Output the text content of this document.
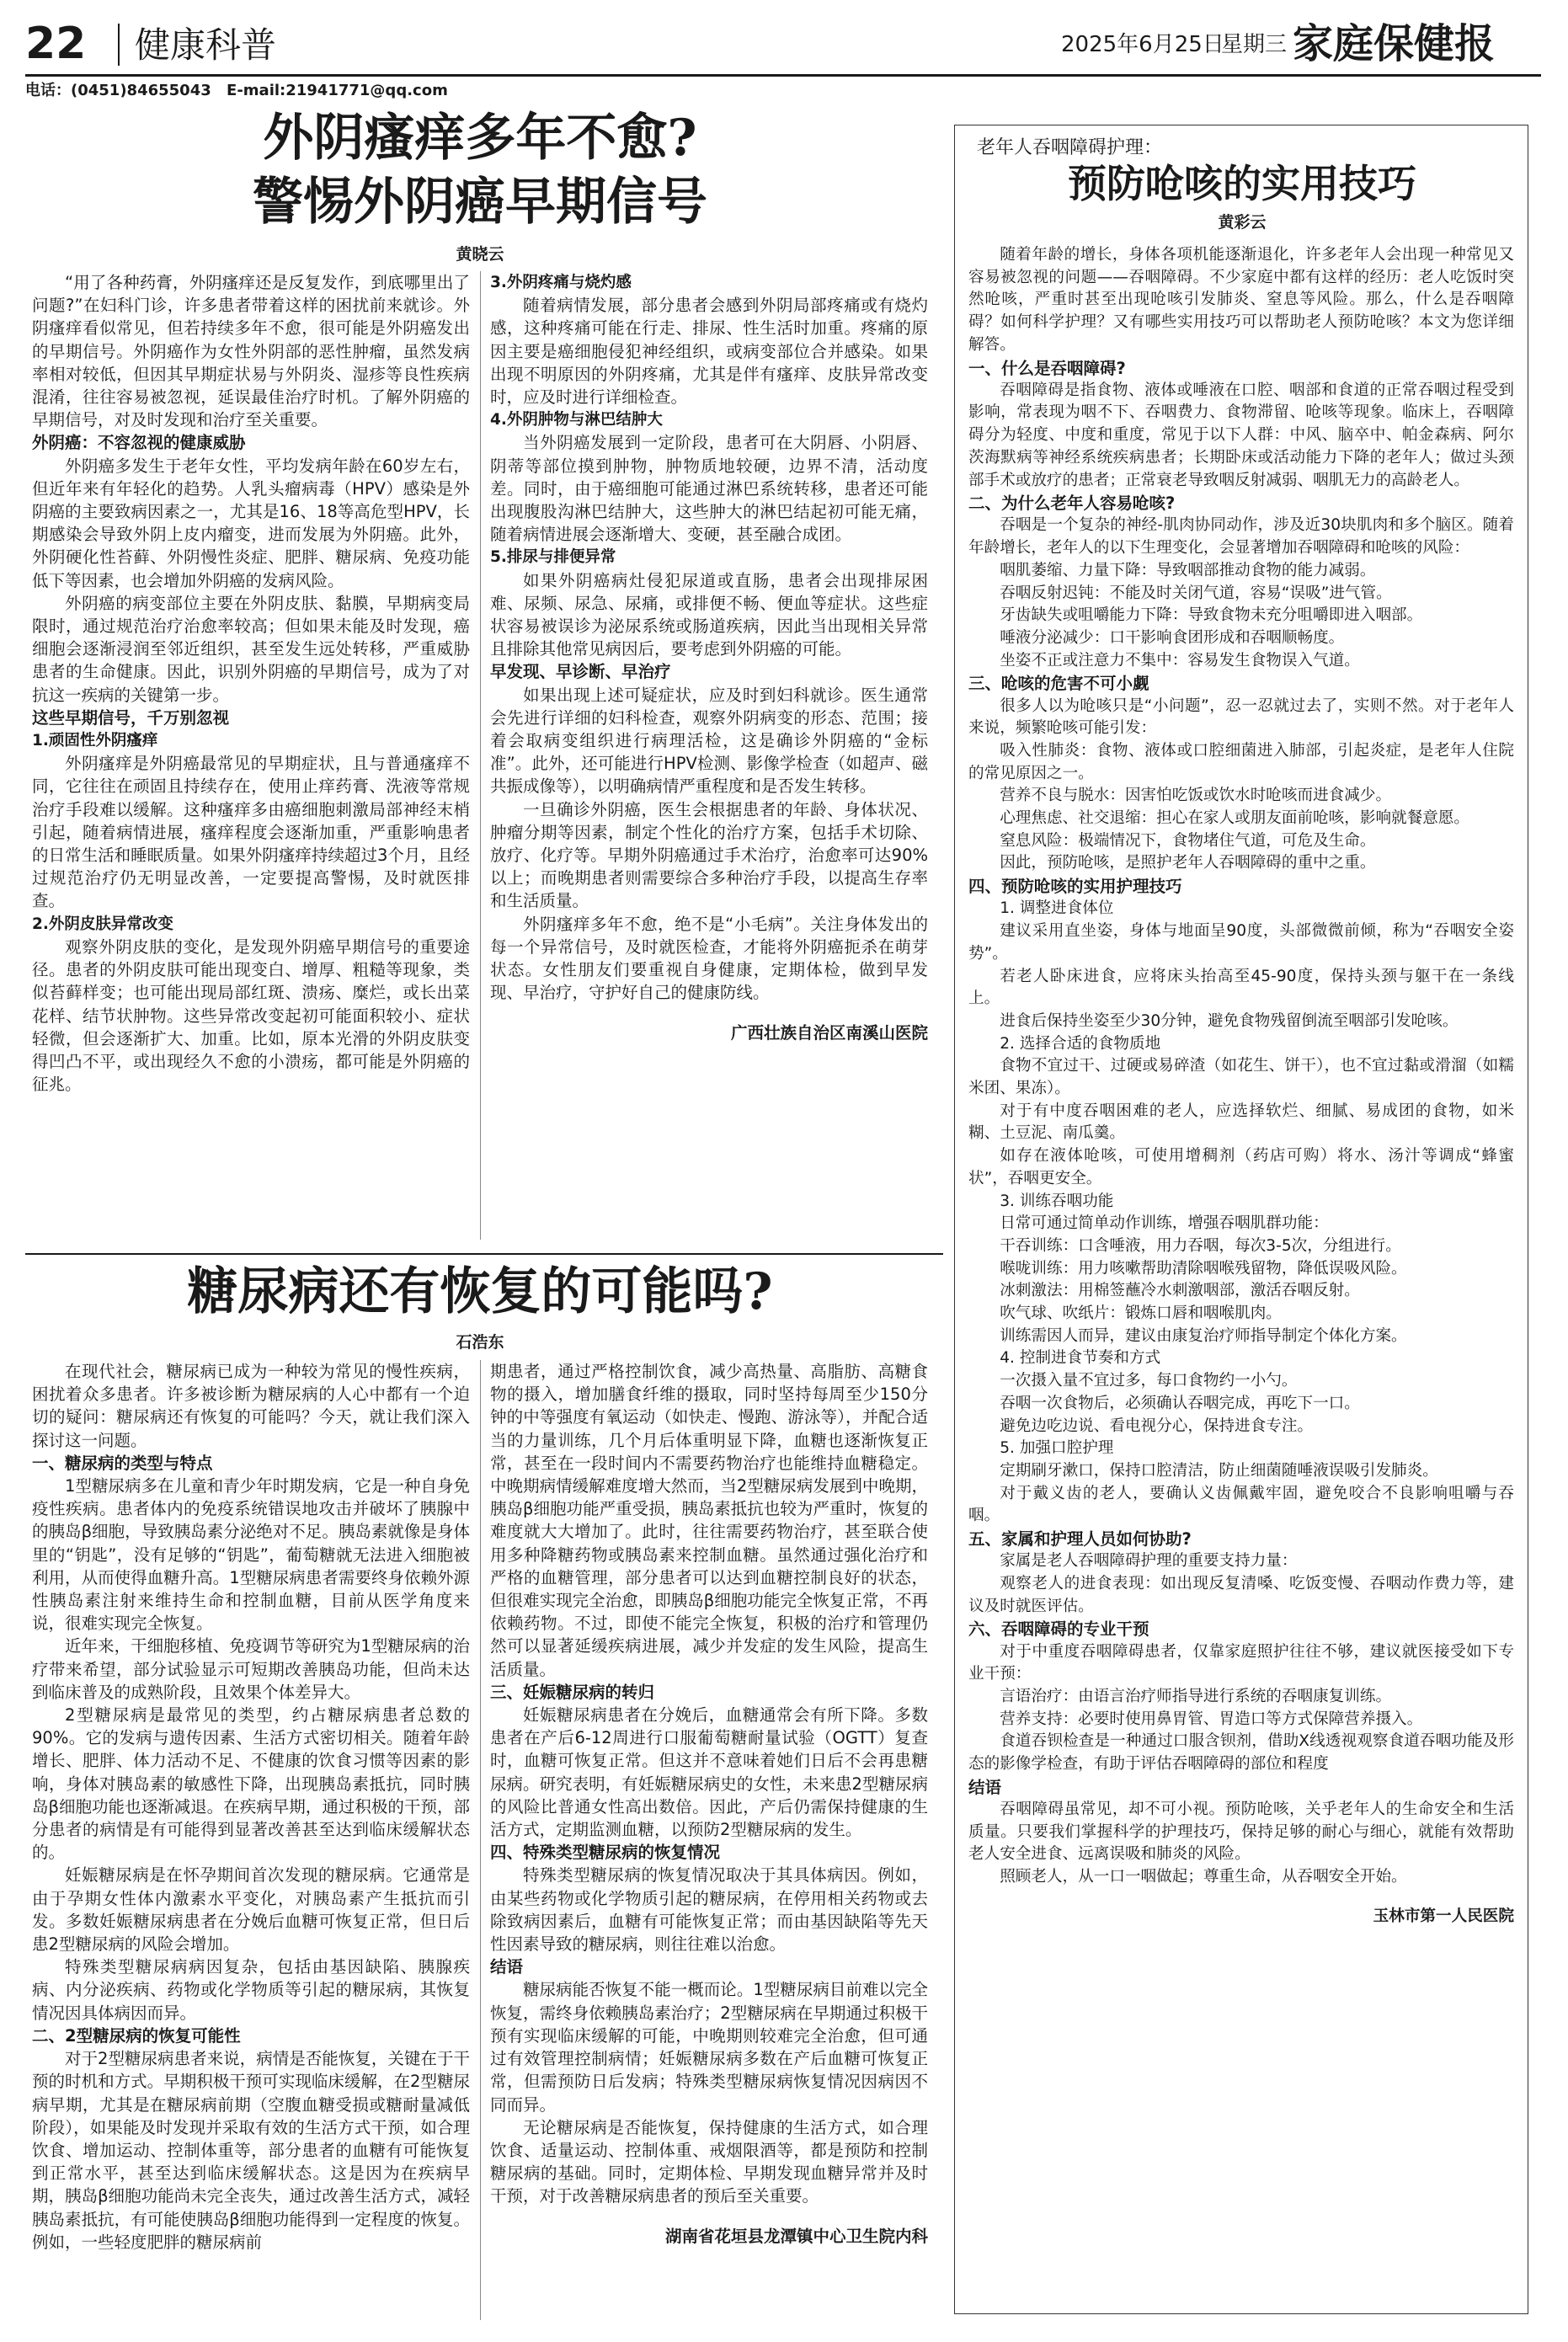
22 健康科普	2025年6月25日
星期三 家庭保健报
电话：(0451)84655043 E-mail:21941771@qq.com
外阴瘙痒多年不愈?
警惕外阴癌早期信号
黄晓云

“用了各种药膏，外阴瘙痒还是反复发作，到底哪里出了问题?”在妇科门诊，许多患者带着这样的困扰前来就诊。外阴瘙痒看似常见，但若持续多年不愈，很可能是外阴癌发出的早期信号。外阴癌作为女性外阴部的恶性肿瘤，虽然发病率相对较低，但因其早期症状易与外阴炎、湿疹等良性疾病混淆，往往容易被忽视，延误最佳治疗时机。了解外阴癌的早期信号，对及时发现和治疗至关重要。

外阴癌：不容忽视的健康威胁

外阴癌多发生于老年女性，平均发病年龄在60岁左右，但近年来有年轻化的趋势。人乳头瘤病毒（HPV）感染是外阴癌的主要致病因素之一，尤其是16、18等高危型HPV，长期感染会导致外阴上皮内瘤变，进而发展为外阴癌。此外，外阴硬化性苔藓、外阴慢性炎症、肥胖、糖尿病、免疫功能低下等因素，也会增加外阴癌的发病风险。

外阴癌的病变部位主要在外阴皮肤、黏膜，早期病变局限时，通过规范治疗治愈率较高；但如果未能及时发现，癌细胞会逐渐浸润至邻近组织，甚至发生远处转移，严重威胁患者的生命健康。因此，识别外阴癌的早期信号，成为了对抗这一疾病的关键第一步。

这些早期信号，千万别忽视
1.顽固性外阴瘙痒

外阴瘙痒是外阴癌最常见的早期症状，且与普通瘙痒不同，它往往在顽固且持续存在，使用止痒药膏、洗液等常规治疗手段难以缓解。这种瘙痒多由癌细胞刺激局部神经末梢引起，随着病情进展，瘙痒程度会逐渐加重，严重影响患者的日常生活和睡眠质量。如果外阴瘙痒持续超过3个月，且经过规范治疗仍无明显改善，一定要提高警惕，及时就医排查。

2.外阴皮肤异常改变

观察外阴皮肤的变化，是发现外阴癌早期信号的重要途径。患者的外阴皮肤可能出现变白、增厚、粗糙等现象，类似苔藓样变；也可能出现局部红斑、溃疡、糜烂，或长出菜花样、结节状肿物。这些异常改变起初可能面积较小、症状轻微，但会逐渐扩大、加重。比如，原本光滑的外阴皮肤变得凹凸不平，或出现经久不愈的小溃疡，都可能是外阴癌的征兆。

3.外阴疼痛与烧灼感

随着病情发展，部分患者会感到外阴局部疼痛或有烧灼感，这种疼痛可能在行走、排尿、性生活时加重。疼痛的原因主要是癌细胞侵犯神经组织，或病变部位合并感染。如果出现不明原因的外阴疼痛，尤其是伴有瘙痒、皮肤异常改变时，应及时进行详细检查。

4.外阴肿物与淋巴结肿大

当外阴癌发展到一定阶段，患者可在大阴唇、小阴唇、阴蒂等部位摸到肿物，肿物质地较硬，边界不清，活动度差。同时，由于癌细胞可能通过淋巴系统转移，患者还可能出现腹股沟淋巴结肿大，这些肿大的淋巴结起初可能无痛，随着病情进展会逐渐增大、变硬，甚至融合成团。

5.排尿与排便异常

如果外阴癌病灶侵犯尿道或直肠，患者会出现排尿困难、尿频、尿急、尿痛，或排便不畅、便血等症状。这些症状容易被误诊为泌尿系统或肠道疾病，因此当出现相关异常且排除其他常见病因后，要考虑到外阴癌的可能。

早发现、早诊断、早治疗

如果出现上述可疑症状，应及时到妇科就诊。医生通常会先进行详细的妇科检查，观察外阴病变的形态、范围；接着会取病变组织进行病理活检，这是确诊外阴癌的“金标准”。此外，还可能进行HPV检测、影像学检查（如超声、磁共振成像等），以明确病情严重程度和是否发生转移。

一旦确诊外阴癌，医生会根据患者的年龄、身体状况、肿瘤分期等因素，制定个性化的治疗方案，包括手术切除、放疗、化疗等。早期外阴癌通过手术治疗，治愈率可达90%以上；而晚期患者则需要综合多种治疗手段，以提高生存率和生活质量。

外阴瘙痒多年不愈，绝不是“小毛病”。关注身体发出的每一个异常信号，及时就医检查，才能将外阴癌扼杀在萌芽状态。女性朋友们要重视自身健康，定期体检，做到早发现、早治疗，守护好自己的健康防线。

广西壮族自治区南溪山医院

糖尿病还有恢复的可能吗?
石浩东

在现代社会，糖尿病已成为一种较为常见的慢性疾病，困扰着众多患者。许多被诊断为糖尿病的人心中都有一个迫切的疑问：糖尿病还有恢复的可能吗？今天，就让我们深入探讨这一问题。

一、糖尿病的类型与特点

1型糖尿病多在儿童和青少年时期发病，它是一种自身免疫性疾病。患者体内的免疫系统错误地攻击并破坏了胰腺中的胰岛β细胞，导致胰岛素分泌绝对不足。胰岛素就像是身体里的“钥匙”，没有足够的“钥匙”，葡萄糖就无法进入细胞被利用，从而使得血糖升高。1型糖尿病患者需要终身依赖外源性胰岛素注射来维持生命和控制血糖，目前从医学角度来说，很难实现完全恢复。

近年来，干细胞移植、免疫调节等研究为1型糖尿病的治疗带来希望，部分试验显示可短期改善胰岛功能，但尚未达到临床普及的成熟阶段，且效果个体差异大。

2型糖尿病是最常见的类型，约占糖尿病患者总数的90%。它的发病与遗传因素、生活方式密切相关。随着年龄增长、肥胖、体力活动不足、不健康的饮食习惯等因素的影响，身体对胰岛素的敏感性下降，出现胰岛素抵抗，同时胰岛β细胞功能也逐渐减退。在疾病早期，通过积极的干预，部分患者的病情是有可能得到显著改善甚至达到临床缓解状态的。

妊娠糖尿病是在怀孕期间首次发现的糖尿病。它通常是由于孕期女性体内激素水平变化，对胰岛素产生抵抗而引发。多数妊娠糖尿病患者在分娩后血糖可恢复正常，但日后患2型糖尿病的风险会增加。

特殊类型糖尿病病因复杂，包括由基因缺陷、胰腺疾病、内分泌疾病、药物或化学物质等引起的糖尿病，其恢复情况因具体病因而异。

二、2型糖尿病的恢复可能性

对于2型糖尿病患者来说，病情是否能恢复，关键在于干预的时机和方式。早期积极干预可实现临床缓解，在2型糖尿病早期，尤其是在糖尿病前期（空腹血糖受损或糖耐量减低阶段），如果能及时发现并采取有效的生活方式干预，如合理饮食、增加运动、控制体重等，部分患者的血糖有可能恢复到正常水平，甚至达到临床缓解状态。这是因为在疾病早期，胰岛β细胞功能尚未完全丧失，通过改善生活方式，减轻胰岛素抵抗，有可能使胰岛β细胞功能得到一定程度的恢复。例如，一些轻度肥胖的糖尿病前

期患者，通过严格控制饮食，减少高热量、高脂肪、高糖食物的摄入，增加膳食纤维的摄取，同时坚持每周至少150分钟的中等强度有氧运动（如快走、慢跑、游泳等），并配合适当的力量训练，几个月后体重明显下降，血糖也逐渐恢复正常，甚至在一段时间内不需要药物治疗也能维持血糖稳定。中晚期病情缓解难度增大然而，当2型糖尿病发展到中晚期，胰岛β细胞功能严重受损，胰岛素抵抗也较为严重时，恢复的难度就大大增加了。此时，往往需要药物治疗，甚至联合使用多种降糖药物或胰岛素来控制血糖。虽然通过强化治疗和严格的血糖管理，部分患者可以达到血糖控制良好的状态，但很难实现完全治愈，即胰岛β细胞功能完全恢复正常，不再依赖药物。不过，即使不能完全恢复，积极的治疗和管理仍然可以显著延缓疾病进展，减少并发症的发生风险，提高生活质量。

三、妊娠糖尿病的转归

妊娠糖尿病患者在分娩后，血糖通常会有所下降。多数患者在产后6-12周进行口服葡萄糖耐量试验（OGTT）复查时，血糖可恢复正常。但这并不意味着她们日后不会再患糖尿病。研究表明，有妊娠糖尿病史的女性，未来患2型糖尿病的风险比普通女性高出数倍。因此，产后仍需保持健康的生活方式，定期监测血糖，以预防2型糖尿病的发生。

四、特殊类型糖尿病的恢复情况

特殊类型糖尿病的恢复情况取决于其具体病因。例如，由某些药物或化学物质引起的糖尿病，在停用相关药物或去除致病因素后，血糖有可能恢复正常；而由基因缺陷等先天性因素导致的糖尿病，则往往难以治愈。

结语

糖尿病能否恢复不能一概而论。1型糖尿病目前难以完全恢复，需终身依赖胰岛素治疗；2型糖尿病在早期通过积极干预有实现临床缓解的可能，中晚期则较难完全治愈，但可通过有效管理控制病情；妊娠糖尿病多数在产后血糖可恢复正常，但需预防日后发病；特殊类型糖尿病恢复情况因病因不同而异。

无论糖尿病是否能恢复，保持健康的生活方式，如合理饮食、适量运动、控制体重、戒烟限酒等，都是预防和控制糖尿病的基础。同时，定期体检、早期发现血糖异常并及时干预，对于改善糖尿病患者的预后至关重要。

湖南省花垣县龙潭镇中心卫生院内科

老年人吞咽障碍护理：
预防呛咳的实用技巧
黄彩云

随着年龄的增长，身体各项机能逐渐退化，许多老年人会出现一种常见又容易被忽视的问题——吞咽障碍。不少家庭中都有这样的经历：老人吃饭时突然呛咳，严重时甚至出现呛咳引发肺炎、窒息等风险。那么，什么是吞咽障碍？如何科学护理？又有哪些实用技巧可以帮助老人预防呛咳？本文为您详细解答。

一、什么是吞咽障碍?

吞咽障碍是指食物、液体或唾液在口腔、咽部和食道的正常吞咽过程受到影响，常表现为咽不下、吞咽费力、食物滞留、呛咳等现象。临床上，吞咽障碍分为轻度、中度和重度，常见于以下人群：中风、脑卒中、帕金森病、阿尔茨海默病等神经系统疾病患者；长期卧床或活动能力下降的老年人；做过头颈部手术或放疗的患者；正常衰老导致咽反射减弱、咽肌无力的高龄老人。

二、为什么老年人容易呛咳?

吞咽是一个复杂的神经-肌肉协同动作，涉及近30块肌肉和多个脑区。随着年龄增长，老年人的以下生理变化，会显著增加吞咽障碍和呛咳的风险：

咽肌萎缩、力量下降：导致咽部推动食物的能力减弱。

吞咽反射迟钝：不能及时关闭气道，容易“误吸”进气管。

牙齿缺失或咀嚼能力下降：导致食物未充分咀嚼即进入咽部。

唾液分泌减少：口干影响食团形成和吞咽顺畅度。

坐姿不正或注意力不集中：容易发生食物误入气道。

三、呛咳的危害不可小觑

很多人以为呛咳只是“小问题”，忍一忍就过去了，实则不然。对于老年人来说，频繁呛咳可能引发：

吸入性肺炎：食物、液体或口腔细菌进入肺部，引起炎症，是老年人住院的常见原因之一。

营养不良与脱水：因害怕吃饭或饮水时呛咳而进食减少。

心理焦虑、社交退缩：担心在家人或朋友面前呛咳，影响就餐意愿。

窒息风险：极端情况下，食物堵住气道，可危及生命。

因此，预防呛咳，是照护老年人吞咽障碍的重中之重。

四、预防呛咳的实用护理技巧

1. 调整进食体位

建议采用直坐姿，身体与地面呈90度，头部微微前倾，称为“吞咽安全姿势”。

若老人卧床进食，应将床头抬高至45-90度，保持头颈与躯干在一条线上。

进食后保持坐姿至少30分钟，避免食物残留倒流至咽部引发呛咳。

2. 选择合适的食物质地

食物不宜过干、过硬或易碎渣（如花生、饼干），也不宜过黏或滑溜（如糯米团、果冻）。

对于有中度吞咽困难的老人，应选择软烂、细腻、易成团的食物，如米糊、土豆泥、南瓜羹。

如存在液体呛咳，可使用增稠剂（药店可购）将水、汤汁等调成“蜂蜜状”，吞咽更安全。

3. 训练吞咽功能

日常可通过简单动作训练，增强吞咽肌群功能：

干吞训练：口含唾液，用力吞咽，每次3-5次，分组进行。

喉咙训练：用力咳嗽帮助清除咽喉残留物，降低误吸风险。

冰刺激法：用棉签蘸冷水刺激咽部，激活吞咽反射。

吹气球、吹纸片：锻炼口唇和咽喉肌肉。

训练需因人而异，建议由康复治疗师指导制定个体化方案。

4. 控制进食节奏和方式

一次摄入量不宜过多，每口食物约一小勺。

吞咽一次食物后，必须确认吞咽完成，再吃下一口。

避免边吃边说、看电视分心，保持进食专注。

5. 加强口腔护理

定期刷牙漱口，保持口腔清洁，防止细菌随唾液误吸引发肺炎。

对于戴义齿的老人，要确认义齿佩戴牢固，避免咬合不良影响咀嚼与吞咽。

五、家属和护理人员如何协助?

家属是老人吞咽障碍护理的重要支持力量：

观察老人的进食表现：如出现反复清嗓、吃饭变慢、吞咽动作费力等，建议及时就医评估。

六、吞咽障碍的专业干预

对于中重度吞咽障碍患者，仅靠家庭照护往往不够，建议就医接受如下专业干预：

言语治疗：由语言治疗师指导进行系统的吞咽康复训练。

营养支持：必要时使用鼻胃管、胃造口等方式保障营养摄入。

食道吞钡检查是一种通过口服含钡剂，借助X线透视观察食道吞咽功能及形态的影像学检查，有助于评估吞咽障碍的部位和程度

结语

吞咽障碍虽常见，却不可小视。预防呛咳，关乎老年人的生命安全和生活质量。只要我们掌握科学的护理技巧，保持足够的耐心与细心，就能有效帮助老人安全进食、远离误吸和肺炎的风险。

照顾老人，从一口一咽做起；尊重生命，从吞咽安全开始。

玉林市第一人民医院
